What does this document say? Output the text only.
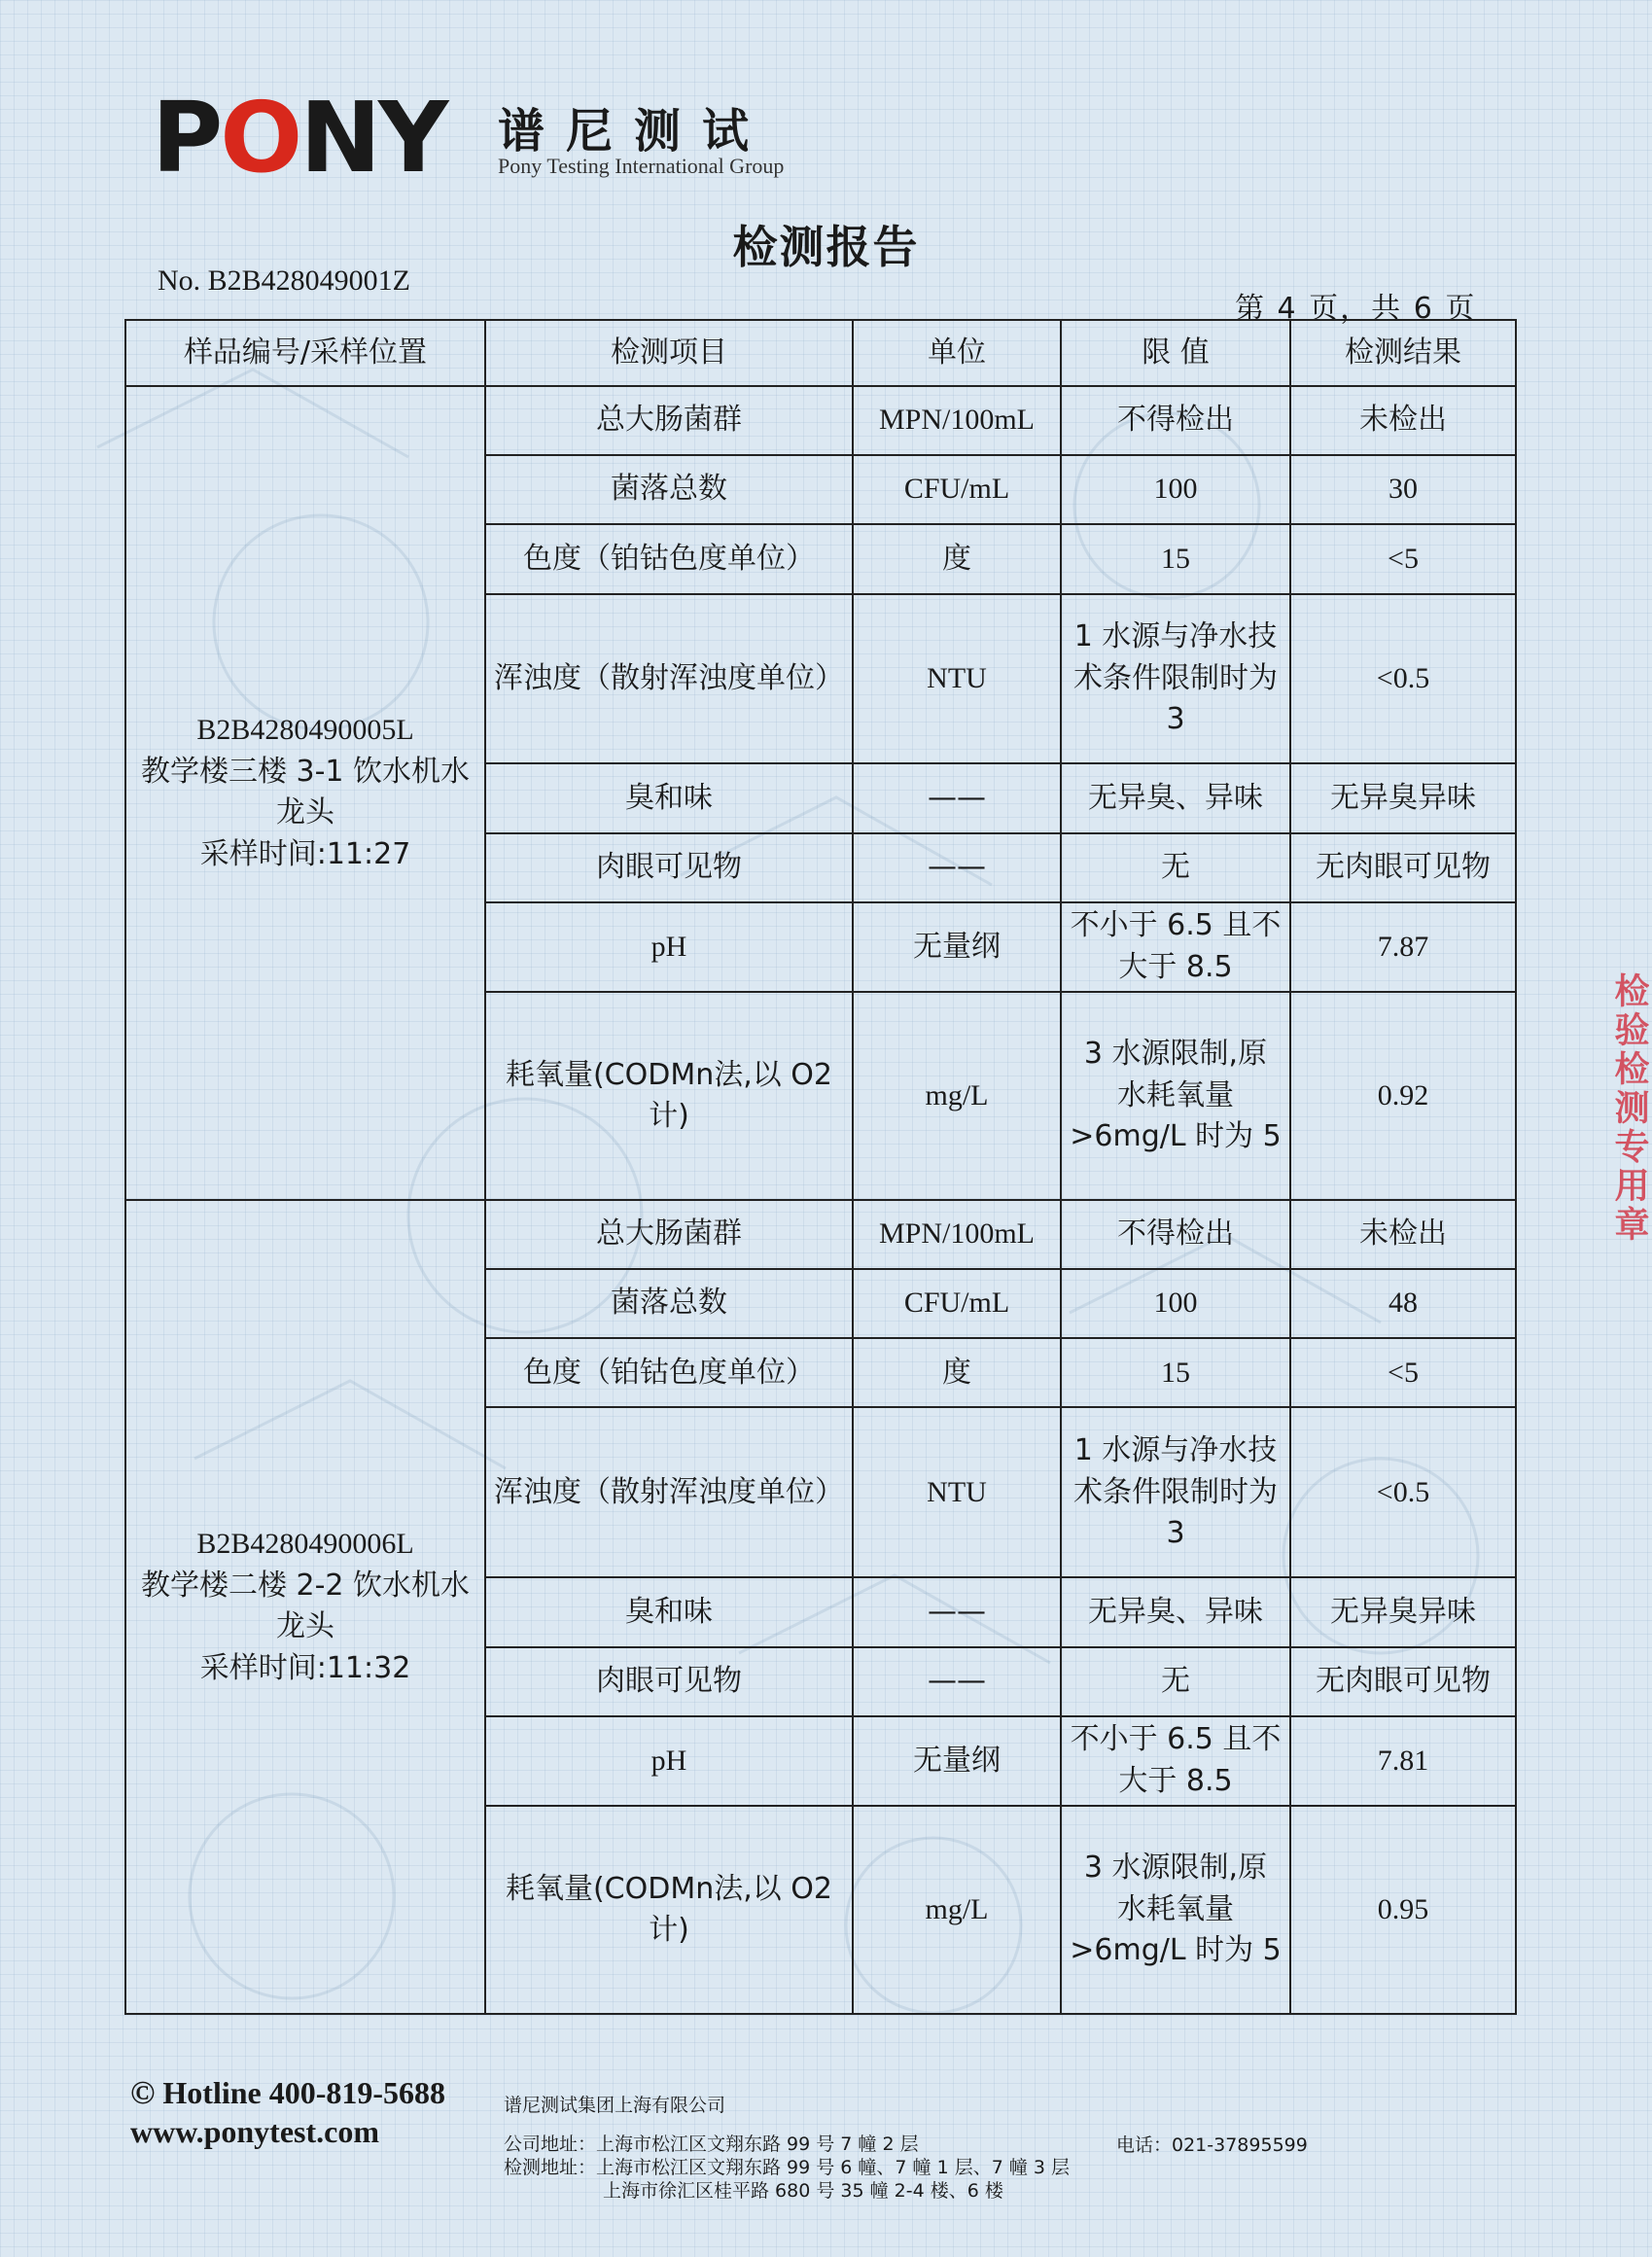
PONY 谱尼测试
Pony Testing International Group
检测报告
No. B2B428049001Z
第 4 页，共 6 页
样品编号/采样位置	检测项目	单位	限 值	检测结果

B2B4280490005L
教学楼三楼 3-1 饮水机水龙头
采样时间:11:27	总大肠菌群	MPN/100mL	不得检出	未检出
	菌落总数	CFU/mL	100	30
	色度（铂钴色度单位）	度	15	<5
	浑浊度（散射浑浊度单位）	NTU	1 水源与净水技术条件限制时为 3	<0.5
	臭和味	——	无异臭、异味	无异臭异味
	肉眼可见物	——	无	无肉眼可见物
	pH	无量纲	不小于 6.5 且不大于 8.5	7.87
	耗氧量(CODMn法,以 O2计)	mg/L	3 水源限制,原水耗氧量>6mg/L 时为 5	0.92

B2B4280490006L
教学楼二楼 2-2 饮水机水龙头
采样时间:11:32	总大肠菌群	MPN/100mL	不得检出	未检出
	菌落总数	CFU/mL	100	48
	色度（铂钴色度单位）	度	15	<5
	浑浊度（散射浑浊度单位）	NTU	1 水源与净水技术条件限制时为 3	<0.5
	臭和味	——	无异臭、异味	无异臭异味
	肉眼可见物	——	无	无肉眼可见物
	pH	无量纲	不小于 6.5 且不大于 8.5	7.81
	耗氧量(CODMn法,以 O2计)	mg/L	3 水源限制,原水耗氧量>6mg/L 时为 5	0.95
检验检测专用章
© Hotline 400-819-5688
www.ponytest.com
谱尼测试集团上海有限公司
公司地址：上海市松江区文翔东路 99 号 7 幢 2 层
检测地址：上海市松江区文翔东路 99 号 6 幢、7 幢 1 层、7 幢 3 层
上海市徐汇区桂平路 680 号 35 幢 2-4 楼、6 楼
电话：021-37895599
